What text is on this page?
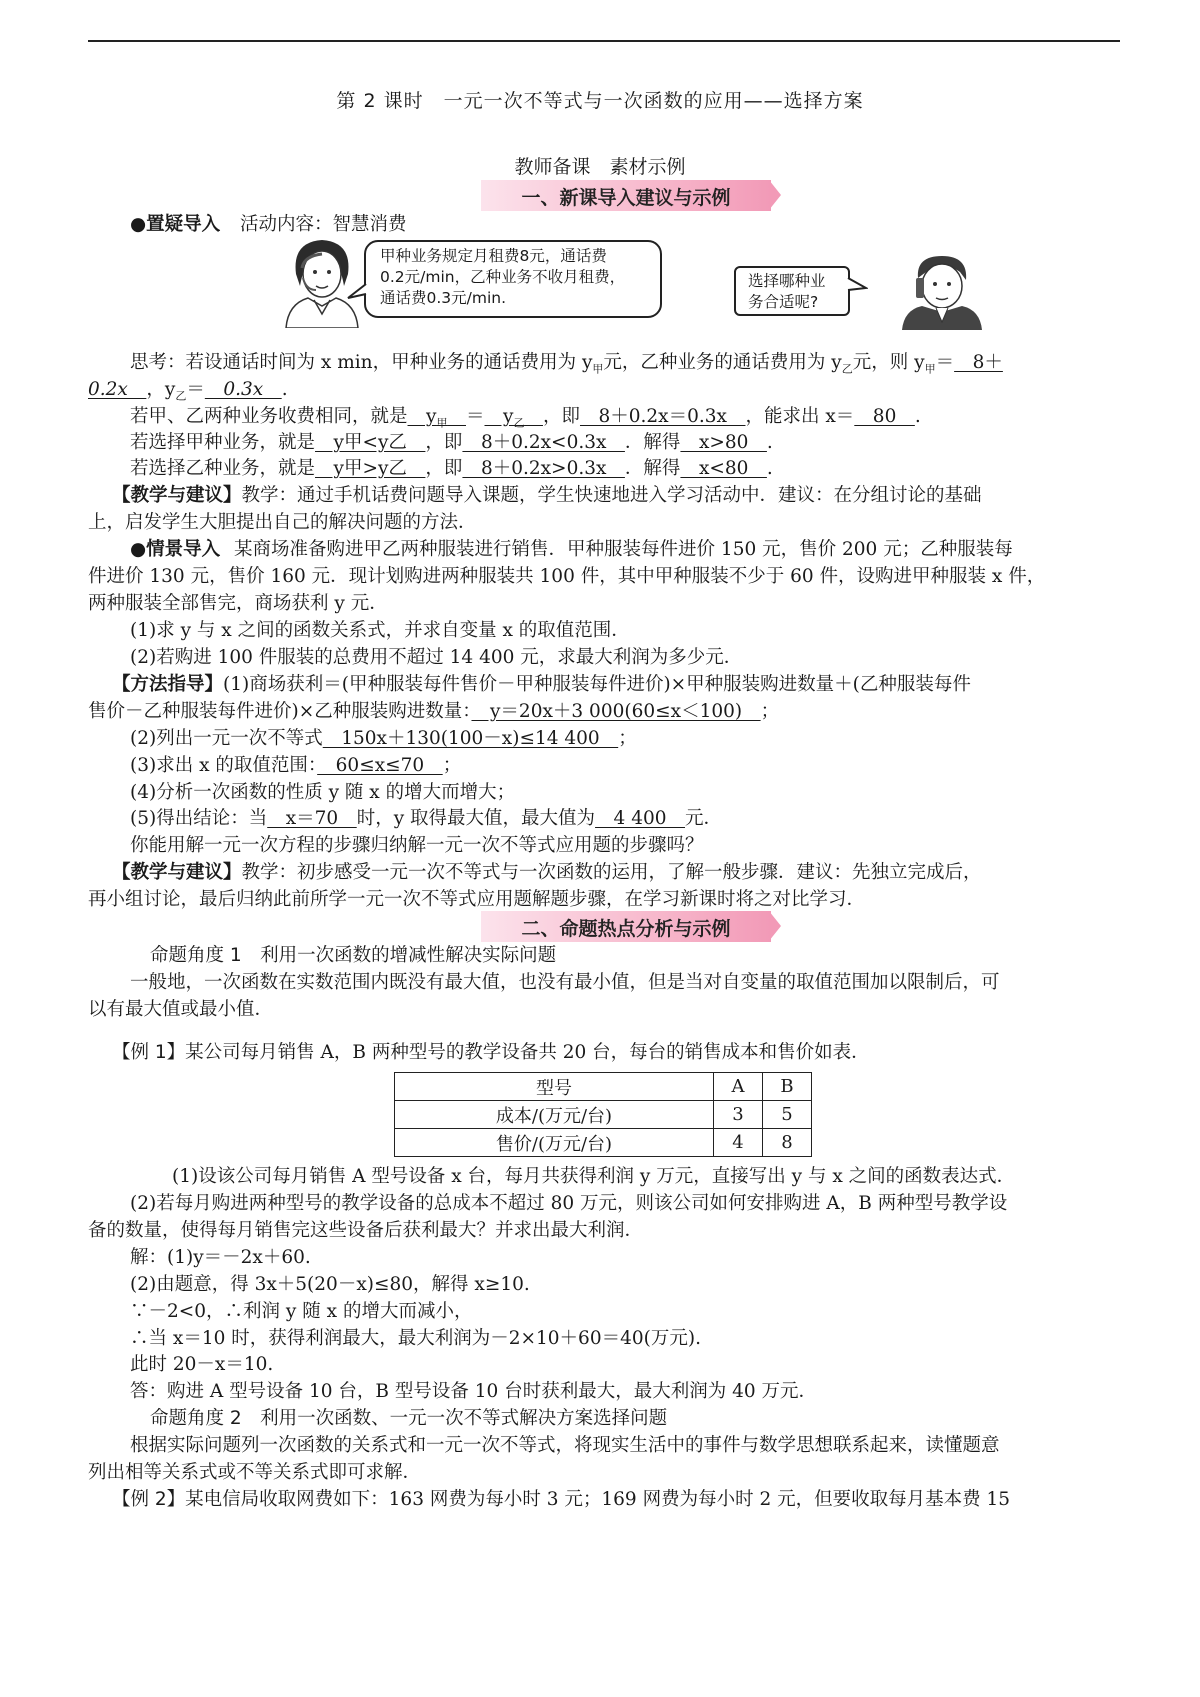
第 2 课时　一元一次不等式与一次函数的应用——选择方案
教师备课　素材示例
一、新课导入建议与示例
●置疑导入 活动内容：智慧消费
甲种业务规定月租费8元，通话费
0.2元/min，乙种业务不收月租费，
通话费0.3元/min.
选择哪种业
务合适呢?
思考：若设通话时间为 x min，甲种业务的通话费用为 $y_甲$元，乙种业务的通话费用为 $y_乙$元，则 $y_甲=$　8＋
0.2x　，$y_乙=$　0.3x　.
若甲、乙两种业务收费相同，就是　$y_甲$　 ＝　$y_乙$　 ，即　8＋0.2x＝0.3x　，能求出 x＝　80　.
若选择甲种业务，就是　y甲<y乙　，即　8＋0.2x<0.3x　．解得　x>80　.
若选择乙种业务，就是　y甲>y乙　，即　8＋0.2x>0.3x　．解得　x<80　.
【教学与建议】教学：通过手机话费问题导入课题，学生快速地进入学习活动中．建议：在分组讨论的基础
上，启发学生大胆提出自己的解决问题的方法．
●情景导入 某商场准备购进甲乙两种服装进行销售．甲种服装每件进价 150 元，售价 200 元；乙种服装每
件进价 130 元，售价 160 元．现计划购进两种服装共 100 件，其中甲种服装不少于 60 件，设购进甲种服装 x 件，
两种服装全部售完，商场获利 y 元．
(1)求 y 与 x 之间的函数关系式，并求自变量 x 的取值范围．
(2)若购进 100 件服装的总费用不超过 14 400 元，求最大利润为多少元．
【方法指导】(1)商场获利＝(甲种服装每件售价－甲种服装每件进价)×甲种服装购进数量＋(乙种服装每件
售价－乙种服装每件进价)×乙种服装购进数量：　y＝20x＋3 000(60≤x＜100)　；
(2)列出一元一次不等式　150x＋130(100－x)≤14 400　；
(3)求出 x 的取值范围：　60≤x≤70　；
(4)分析一次函数的性质 y 随 x 的增大而增大；
(5)得出结论：当　x＝70　时，y 取得最大值，最大值为　4 400　元．
你能用解一元一次方程的步骤归纳解一元一次不等式应用题的步骤吗？
【教学与建议】教学：初步感受一元一次不等式与一次函数的运用，了解一般步骤．建议：先独立完成后，
再小组讨论，最后归纳此前所学一元一次不等式应用题解题步骤，在学习新课时将之对比学习．
二、命题热点分析与示例
命题角度 1　利用一次函数的增减性解决实际问题
一般地，一次函数在实数范围内既没有最大值，也没有最小值，但是当对自变量的取值范围加以限制后，可
以有最大值或最小值．
【例 1】某公司每月销售 A，B 两种型号的教学设备共 20 台，每台的销售成本和售价如表．
型号	A	B
成本/(万元/台)	3	5
售价/(万元/台)	4	8
(1)设该公司每月销售 A 型号设备 x 台，每月共获得利润 y 万元，直接写出 y 与 x 之间的函数表达式．
(2)若每月购进两种型号的教学设备的总成本不超过 80 万元，则该公司如何安排购进 A，B 两种型号教学设
备的数量，使得每月销售完这些设备后获利最大？并求出最大利润．
解：(1)y＝－2x＋60.
(2)由题意，得 3x＋5(20－x)≤80，解得 x≥10.
∵－2<0，∴利润 y 随 x 的增大而减小，
∴当 x＝10 时，获得利润最大，最大利润为－2×10＋60＝40(万元).
此时 20－x＝10.
答：购进 A 型号设备 10 台，B 型号设备 10 台时获利最大，最大利润为 40 万元．
命题角度 2　利用一次函数、一元一次不等式解决方案选择问题
根据实际问题列一次函数的关系式和一元一次不等式，将现实生活中的事件与数学思想联系起来，读懂题意
列出相等关系式或不等关系式即可求解．
【例 2】某电信局收取网费如下：163 网费为每小时 3 元；169 网费为每小时 2 元，但要收取每月基本费 15
